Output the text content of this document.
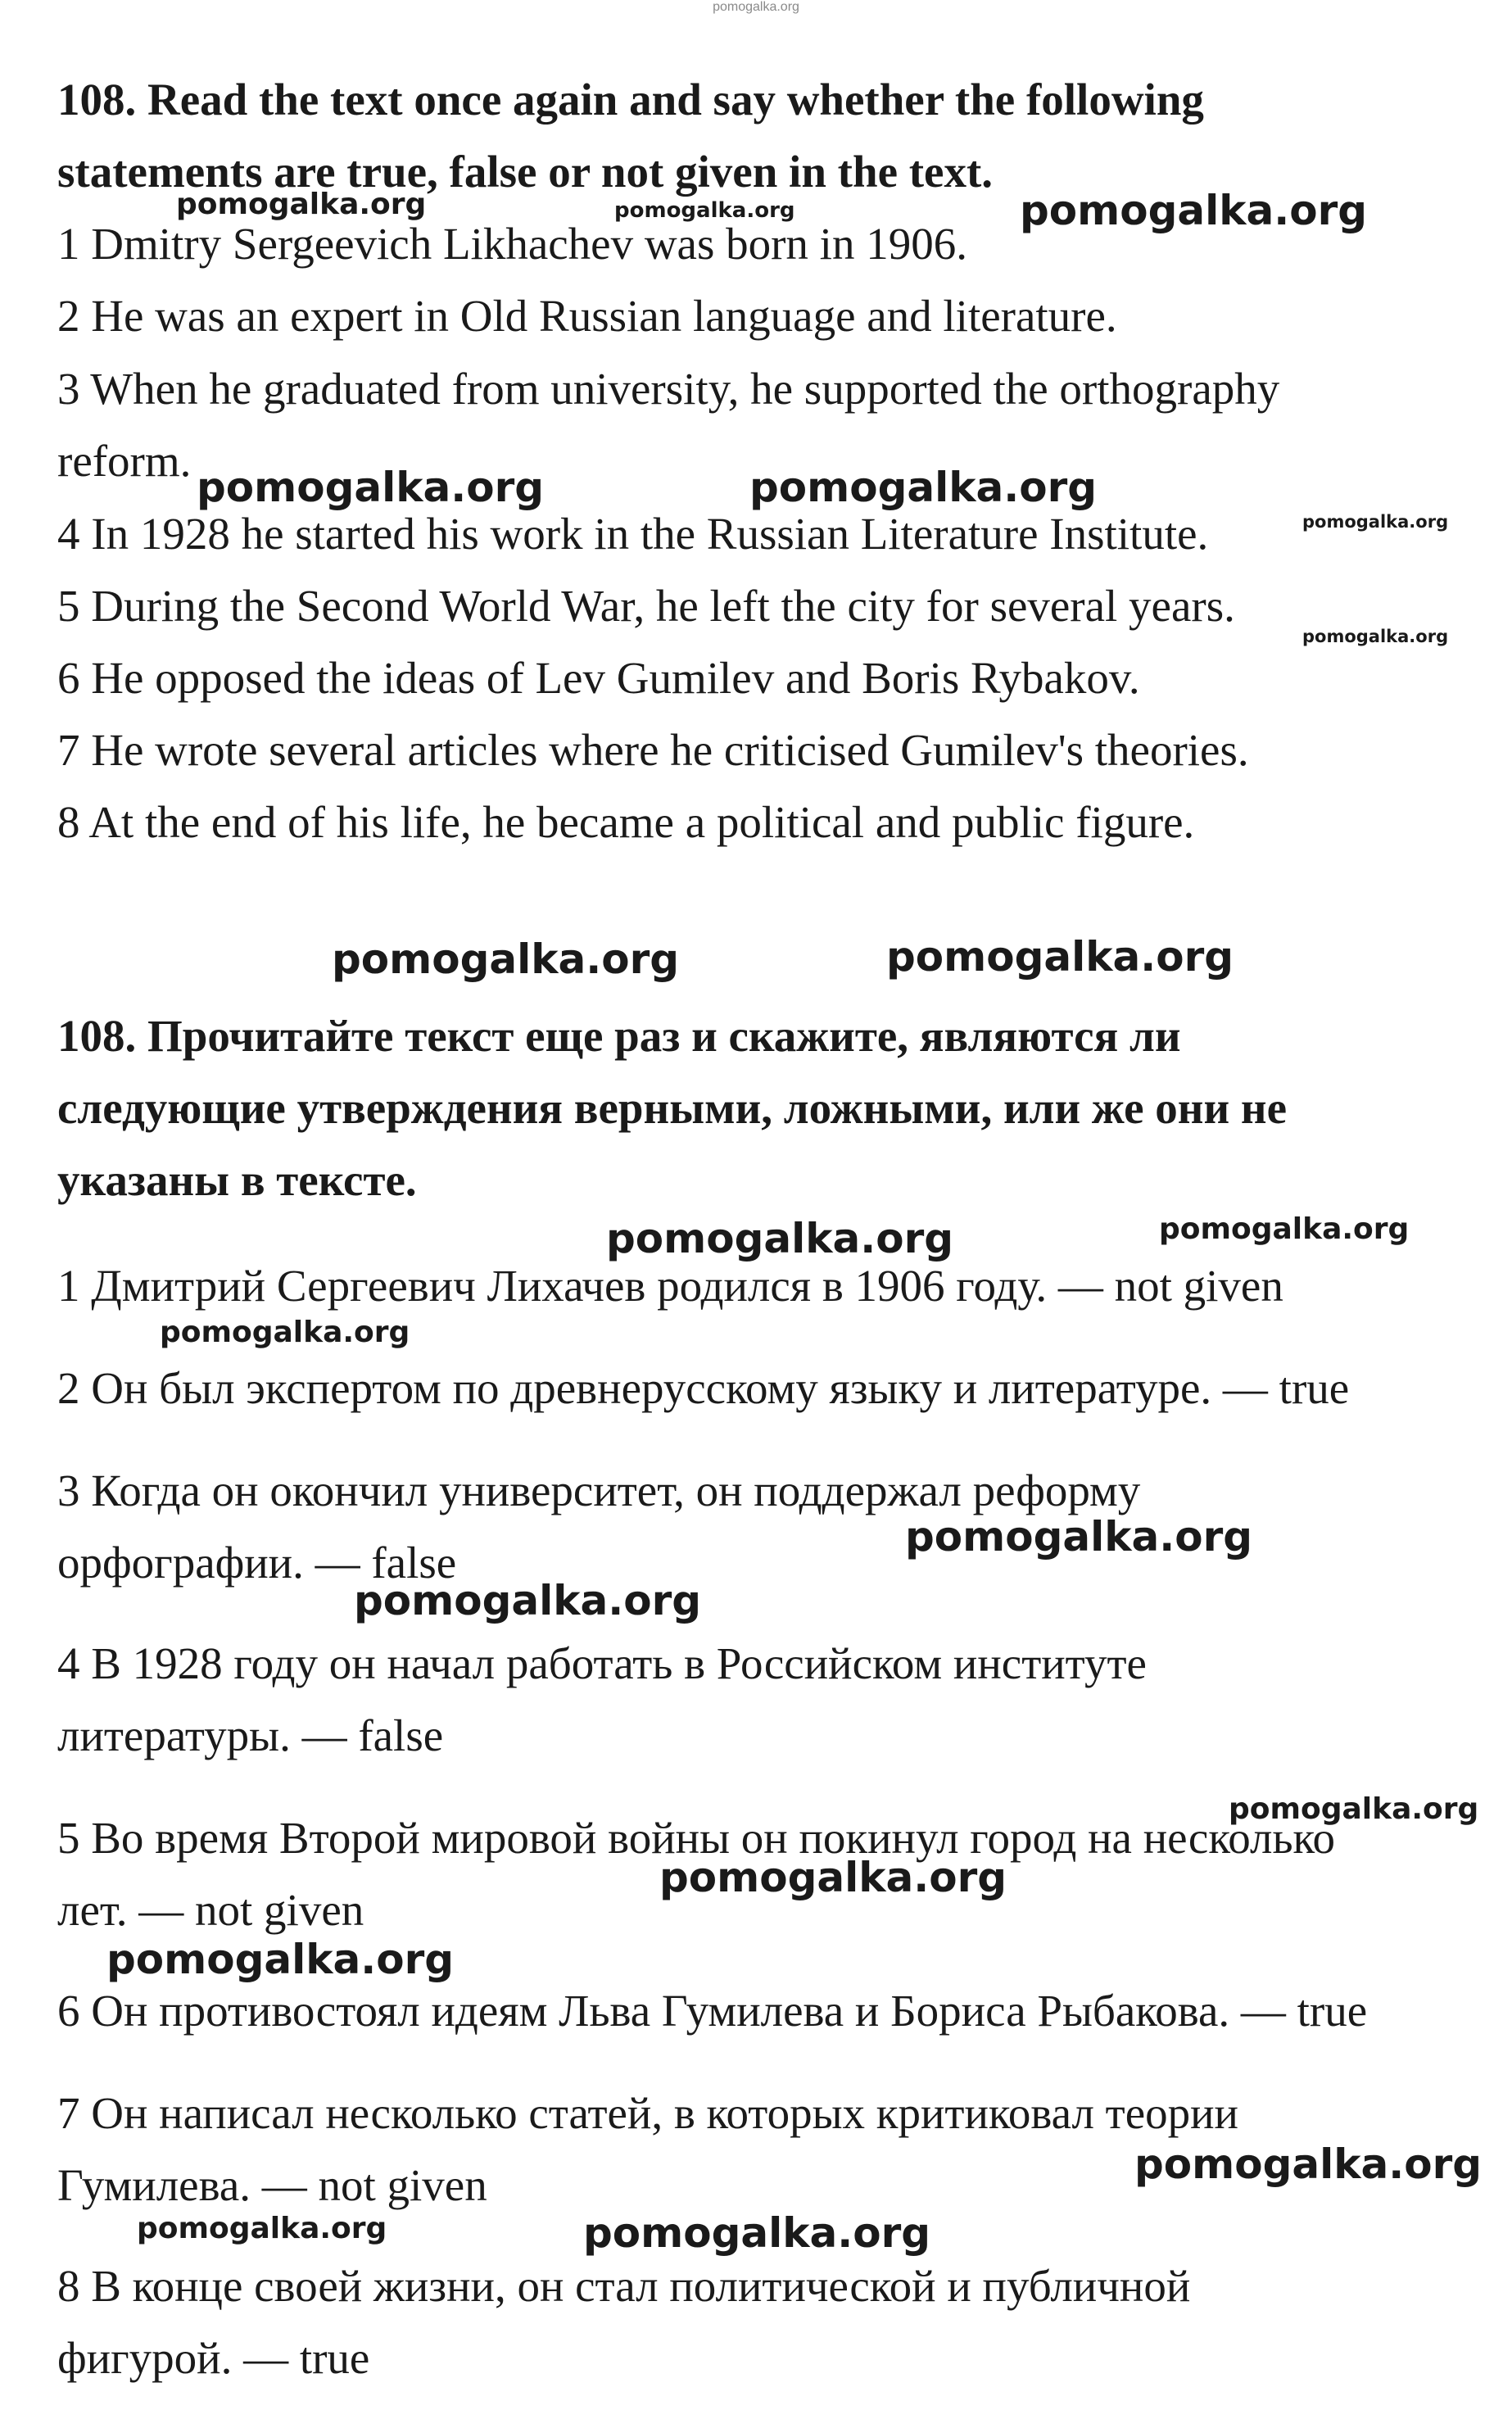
pomogalka.org
108. Read the text once again and say whether the following
statements are true, false or not given in the text.
1 Dmitry Sergeevich Likhachev was born in 1906.
2 He was an expert in Old Russian language and literature.
3 When he graduated from university, he supported the orthography
reform.
4 In 1928 he started his work in the Russian Literature Institute.
5 During the Second World War, he left the city for several years.
6 He opposed the ideas of Lev Gumilev and Boris Rybakov.
7 He wrote several articles where he criticised Gumilev's theories.
8 At the end of his life, he became a political and public figure.
108. Прочитайте текст еще раз и скажите, являются ли
следующие утверждения верными, ложными, или же они не
указаны в тексте.
1 Дмитрий Сергеевич Лихачев родился в 1906 году. — not given
2 Он был экспертом по древнерусскому языку и литературе. — true
3 Когда он окончил университет, он поддержал реформу
орфографии. — false
4 В 1928 году он начал работать в Российском институте
литературы. — false
5 Во время Второй мировой войны он покинул город на несколько
лет. — not given
6 Он противостоял идеям Льва Гумилева и Бориса Рыбакова. — true
7 Он написал несколько статей, в которых критиковал теории
Гумилева. — not given
8 В конце своей жизни, он стал политической и публичной
фигурой. — true
pomogalka.org	pomogalka.org	pomogalka.org
pomogalka.org	pomogalka.org
pomogalka.org
pomogalka.org
pomogalka.org	pomogalka.org
pomogalka.org	pomogalka.org
pomogalka.org
pomogalka.org
pomogalka.org
pomogalka.org
pomogalka.org
pomogalka.org
pomogalka.org
pomogalka.org	pomogalka.org
